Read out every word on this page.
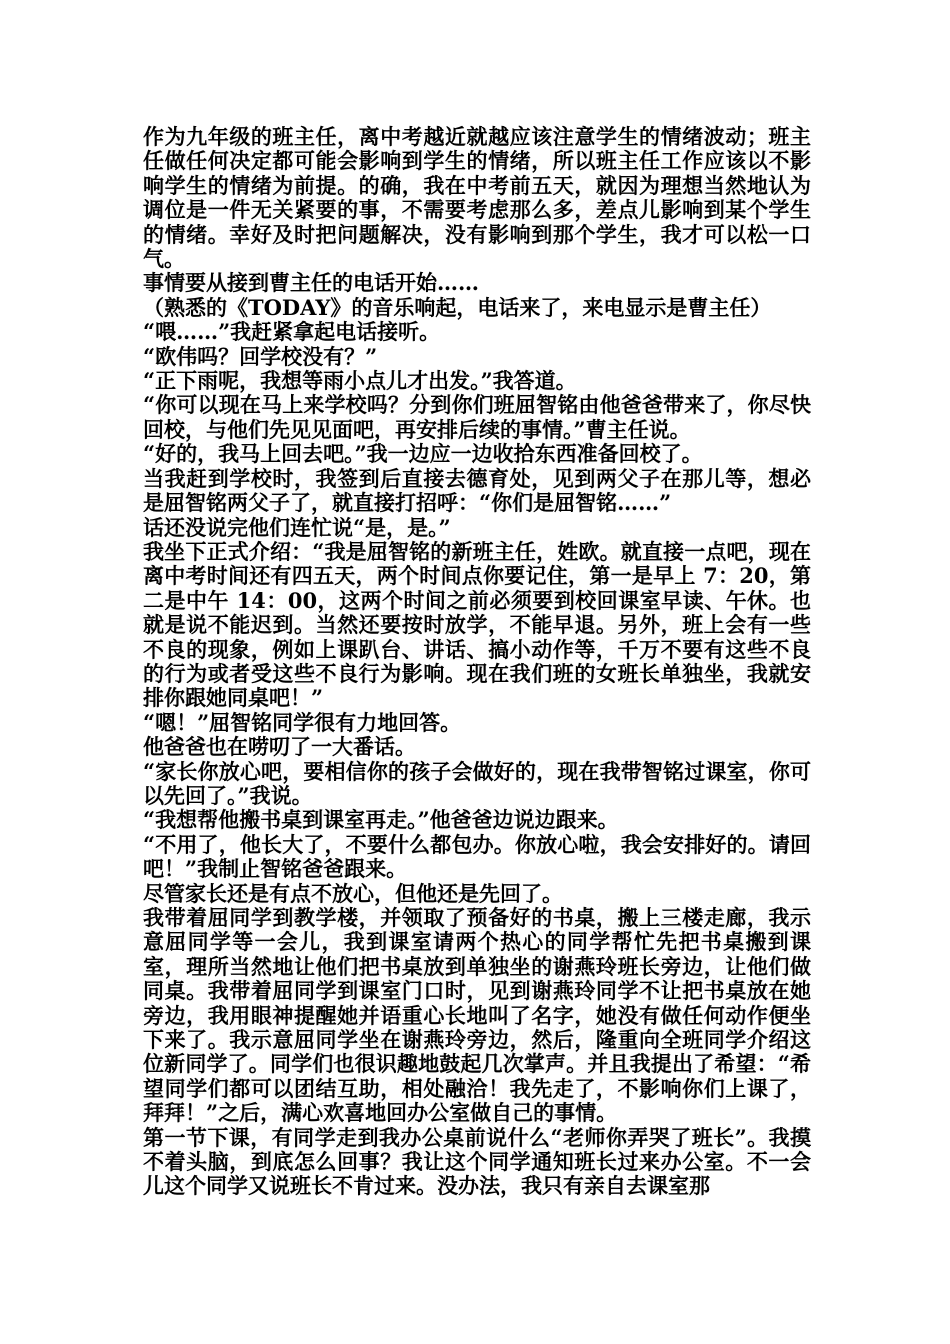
作为九年级的班主任，离中考越近就越应该注意学生的情绪波动；班主任做任何决定都可能会影响到学生的情绪，所以班主任工作应该以不影响学生的情绪为前提。的确，我在中考前五天，就因为理想当然地认为调位是一件无关紧要的事，不需要考虑那么多，差点儿影响到某个学生的情绪。幸好及时把问题解决，没有影响到那个学生，我才可以松一口气。

事情要从接到曹主任的电话开始……

（熟悉的《TODAY》的音乐响起，电话来了，来电显示是曹主任）

“喂……”我赶紧拿起电话接听。

“欧伟吗？回学校没有？”

“正下雨呢，我想等雨小点儿才出发。”我答道。

“你可以现在马上来学校吗？分到你们班屈智铭由他爸爸带来了，你尽快回校，与他们先见见面吧，再安排后续的事情。”曹主任说。

“好的，我马上回去吧。”我一边应一边收拾东西准备回校了。

当我赶到学校时，我签到后直接去德育处，见到两父子在那儿等，想必是屈智铭两父子了，就直接打招呼：“你们是屈智铭……”

话还没说完他们连忙说“是，是。”

我坐下正式介绍：“我是屈智铭的新班主任，姓欧。就直接一点吧，现在离中考时间还有四五天，两个时间点你要记住，第一是早上 7：20，第二是中午 14：00，这两个时间之前必须要到校回课室早读、午休。也就是说不能迟到。当然还要按时放学，不能早退。另外，班上会有一些不良的现象，例如上课趴台、讲话、搞小动作等，千万不要有这些不良的行为或者受这些不良行为影响。现在我们班的女班长单独坐，我就安排你跟她同桌吧！”

“嗯！”屈智铭同学很有力地回答。

他爸爸也在唠叨了一大番话。

“家长你放心吧，要相信你的孩子会做好的，现在我带智铭过课室，你可以先回了。”我说。

“我想帮他搬书桌到课室再走。”他爸爸边说边跟来。

“不用了，他长大了，不要什么都包办。你放心啦，我会安排好的。请回吧！”我制止智铭爸爸跟来。

尽管家长还是有点不放心，但他还是先回了。

我带着屈同学到教学楼，并领取了预备好的书桌，搬上三楼走廊，我示意屈同学等一会儿，我到课室请两个热心的同学帮忙先把书桌搬到课室，理所当然地让他们把书桌放到单独坐的谢燕玲班长旁边，让他们做同桌。我带着屈同学到课室门口时，见到谢燕玲同学不让把书桌放在她旁边，我用眼神提醒她并语重心长地叫了名字，她没有做任何动作便坐下来了。我示意屈同学坐在谢燕玲旁边，然后，隆重向全班同学介绍这位新同学了。同学们也很识趣地鼓起几次掌声。并且我提出了希望：“希望同学们都可以团结互助，相处融洽！我先走了，不影响你们上课了，拜拜！”之后，满心欢喜地回办公室做自己的事情。

第一节下课，有同学走到我办公桌前说什么“老师你弄哭了班长”。我摸不着头脑，到底怎么回事？我让这个同学通知班长过来办公室。不一会儿这个同学又说班长不肯过来。没办法，我只有亲自去课室那
